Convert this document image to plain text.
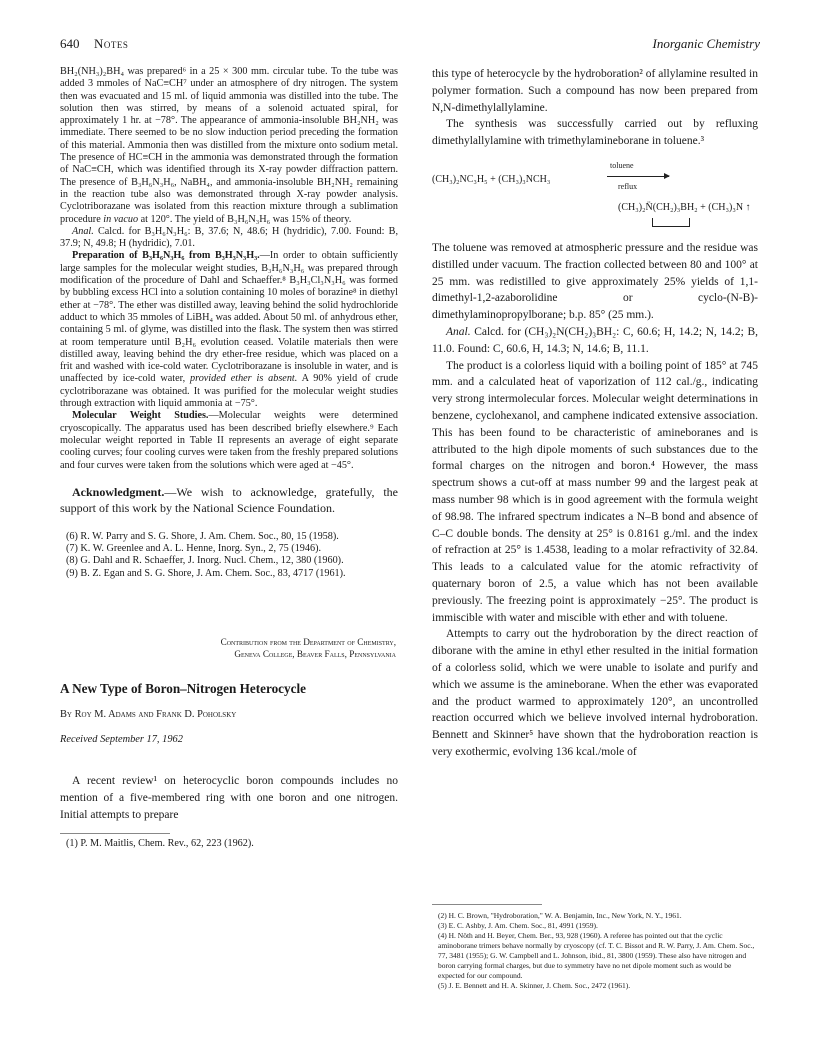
640 Notes	Inorganic Chemistry

BH₂(NH₃)₂BH₄ was prepared⁶ in a 25 × 300 mm. circular tube. To the tube was added 3 mmoles of NaC≡CH⁷ under an atmosphere of dry nitrogen. The system then was evacuated and 15 ml. of liquid ammonia was distilled into the tube. The solution then was stirred, by means of a solenoid actuated spiral, for approximately 1 hr. at −78°. The appearance of ammonia-insoluble BH₂NH₂ was immediate. There seemed to be no slow induction period preceding the formation of this material. Ammonia then was distilled from the mixture onto sodium metal. The presence of HC≡CH in the ammonia was demonstrated through the formation of NaC≡CH, which was identified through its X-ray powder diffraction pattern. The presence of B₃H₆N₃H₆, NaBH₄, and ammonia-insoluble BH₂NH₂ remaining in the reaction tube also was demonstrated through X-ray powder analysis. Cyclotriborazane was isolated from this reaction mixture through a sublimation procedure in vacuo at 120°. The yield of B₃H₆N₃H₆ was 15% of theory.

Anal. Calcd. for B₃H₆N₃H₆: B, 37.6; N, 48.6; H (hydridic), 7.00. Found: B, 37.9; N, 49.8; H (hydridic), 7.01.

Preparation of B₃H₆N₃H₆ from B₃H₃N₃H₃.—In order to obtain sufficiently large samples for the molecular weight studies, B₃H₆N₃H₆ was prepared through modification of the procedure of Dahl and Schaeffer.⁸ B₃H₃Cl₃N₃H₆ was formed by bubbling excess HCl into a solution containing 10 moles of borazine⁸ in diethyl ether at −78°. The ether was distilled away, leaving behind the solid hydrochloride adduct to which 35 mmoles of LiBH₄ was added. About 50 ml. of anhydrous ether, containing 5 ml. of glyme, was distilled into the flask. The system then was stirred at room temperature until B₂H₆ evolution ceased. Volatile materials then were distilled away, leaving behind the dry ether-free residue, which was placed on a frit and washed with ice-cold water. Cyclotriborazane is insoluble in water, and is unaffected by ice-cold water, provided ether is absent. A 90% yield of crude cyclotriborazane was obtained. It was purified for the molecular weight studies through extraction with liquid ammonia at −75°.

Molecular Weight Studies.—Molecular weights were determined cryoscopically. The apparatus used has been described briefly elsewhere.⁹ Each molecular weight reported in Table II represents an average of eight separate cooling curves; four cooling curves were taken from the freshly prepared solutions and four curves were taken from the solutions which were aged at −45°.

Acknowledgment.—We wish to acknowledge, gratefully, the support of this work by the National Science Foundation.

(6) R. W. Parry and S. G. Shore, J. Am. Chem. Soc., 80, 15 (1958).

(7) K. W. Greenlee and A. L. Henne, Inorg. Syn., 2, 75 (1946).

(8) G. Dahl and R. Schaeffer, J. Inorg. Nucl. Chem., 12, 380 (1960).

(9) B. Z. Egan and S. G. Shore, J. Am. Chem. Soc., 83, 4717 (1961).

Contribution from the Department of Chemistry,
Geneva College, Beaver Falls, Pennsylvania
A New Type of Boron–Nitrogen Heterocycle
By Roy M. Adams and Frank D. Poholsky
Received September 17, 1962

A recent review¹ on heterocyclic boron compounds includes no mention of a five-membered ring with one boron and one nitrogen. Initial attempts to prepare

(1) P. M. Maitlis, Chem. Rev., 62, 223 (1962).

this type of heterocycle by the hydroboration² of allylamine resulted in polymer formation. Such a compound has now been prepared from N,N-dimethylallylamine.

The synthesis was successfully carried out by refluxing dimethylallylamine with trimethylamineborane in toluene.³

(CH₃)₂NC₃H₅ + (CH₃)₃NCH₃
toluene
reflux
(CH₃)₂N̈(CH₂)₃BH₂ + (CH₃)₃N ↑

The toluene was removed at atmospheric pressure and the residue was distilled under vacuum. The fraction collected between 80 and 100° at 25 mm. was redistilled to give approximately 25% yields of 1,1-dimethyl-1,2-azaborolidine or cyclo-(N-B)-dimethylaminopropylborane; b.p. 85° (25 mm.).

Anal. Calcd. for (CH₃)₂N(CH₂)₃BH₂: C, 60.6; H, 14.2; N, 14.2; B, 11.0. Found: C, 60.6, H, 14.3; N, 14.6; B, 11.1.

The product is a colorless liquid with a boiling point of 185° at 745 mm. and a calculated heat of vaporization of 112 cal./g., indicating very strong intermolecular forces. Molecular weight determinations in benzene, cyclohexanol, and camphene indicated extensive association. This has been found to be characteristic of amineboranes and is attributed to the high dipole moments of such substances due to the formal charges on the nitrogen and boron.⁴ However, the mass spectrum shows a cut-off at mass number 99 and the largest peak at mass number 98 which is in good agreement with the formula weight of 98.98. The infrared spectrum indicates a N–B bond and absence of C–C double bonds. The density at 25° is 0.8161 g./ml. and the index of refraction at 25° is 1.4538, leading to a molar refractivity of 32.84. This leads to a calculated value for the atomic refractivity of quaternary boron of 2.5, a value which has not been available previously. The freezing point is approximately −25°. The product is immiscible with water and miscible with ether and with toluene.

Attempts to carry out the hydroboration by the direct reaction of diborane with the amine in ethyl ether resulted in the initial formation of a colorless solid, which we were unable to isolate and purify and which we assume is the amineborane. When the ether was evaporated and the product warmed to approximately 120°, an uncontrolled reaction occurred which we believe involved internal hydroboration. Bennett and Skinner⁵ have shown that the hydroboration reaction is very exothermic, evolving 136 kcal./mole of

(2) H. C. Brown, "Hydroboration," W. A. Benjamin, Inc., New York, N. Y., 1961.

(3) E. C. Ashby, J. Am. Chem. Soc., 81, 4991 (1959).

(4) H. Nöth and H. Beyer, Chem. Ber., 93, 928 (1960). A referee has pointed out that the cyclic aminoborane trimers behave normally by cryoscopy (cf. T. C. Bissot and R. W. Parry, J. Am. Chem. Soc., 77, 3481 (1955); G. W. Campbell and L. Johnson, ibid., 81, 3800 (1959). These also have nitrogen and boron carrying formal charges, but due to symmetry have no net dipole moment such as would be expected for our compound.

(5) J. E. Bennett and H. A. Skinner, J. Chem. Soc., 2472 (1961).
